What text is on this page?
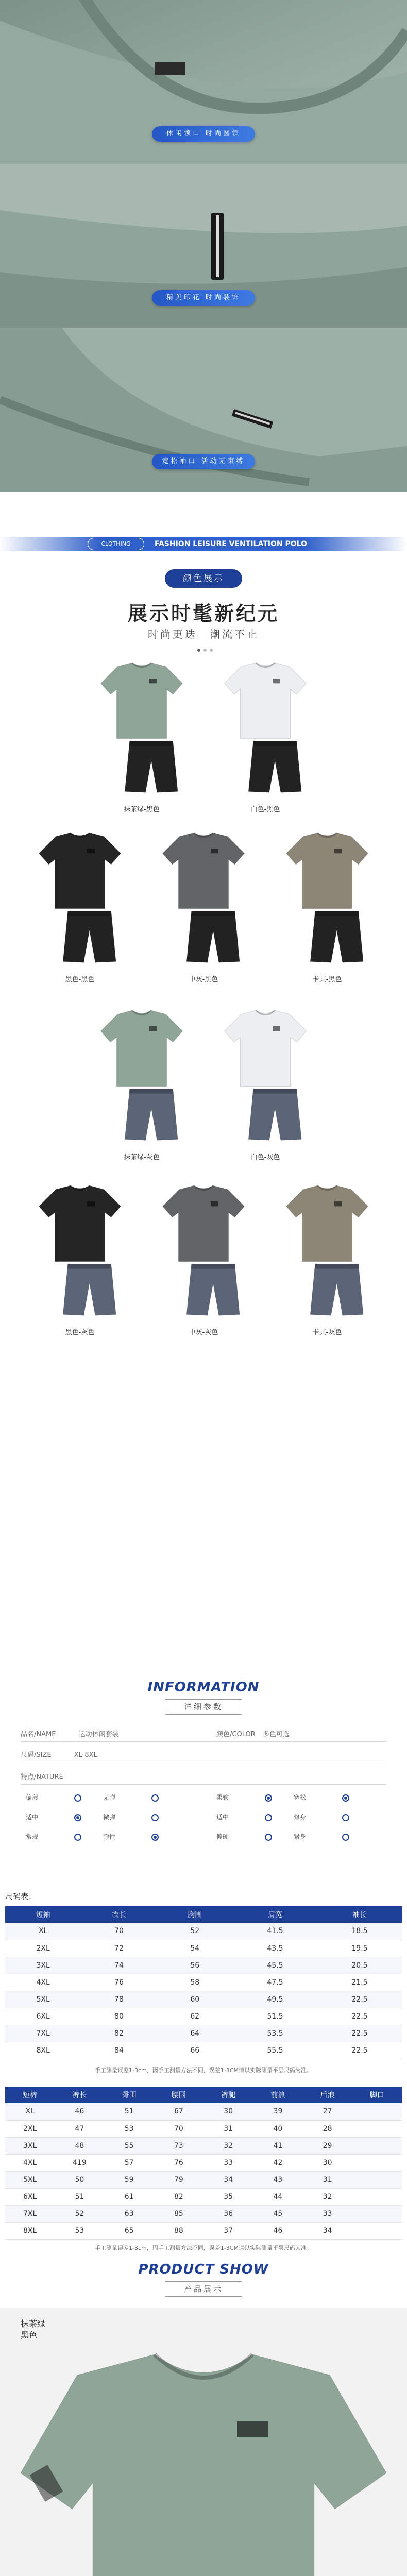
休闲领口 时尚圆领
精美印花 时尚装饰
宽松袖口 活动无束缚
CLOTHING	FASHION LEISURE VENTILATION POLO
颜色展示
展示时髦新纪元
时尚更迭　潮流不止
抹茶绿-黑色	白色-黑色
黑色-黑色	中灰-黑色	卡其-黑色
抹茶绿-灰色	白色-灰色
黑色-灰色	中灰-灰色	卡其-灰色
INFORMATION
详细参数
品名/NAME	运动休闲套装	颜色/COLOR 多色可选
尺码/SIZE	XL-8XL
特点/NATURE
偏薄
适中
常规
无弹
微弹
弹性
柔软
适中
偏硬
宽松
修身
紧身
尺码表：
短袖	衣长	胸围	肩宽	袖长
XL	70	52	41.5	18.5
2XL	72	54	43.5	19.5
3XL	74	56	45.5	20.5
4XL	76	58	47.5	21.5
5XL	78	60	49.5	22.5
6XL	80	62	51.5	22.5
7XL	82	64	53.5	22.5
8XL	84	66	55.5	22.5
手工测量误差1-3cm，因手工测量方法不同，误差1-3CM请以实际测量平层尺码为准。
短裤	裤长	臀围	腰围	裤腿	前浪	后浪	脚口
XL	46	51	67	30	39	27	
2XL	47	53	70	31	40	28	
3XL	48	55	73	32	41	29	
4XL	419	57	76	33	42	30	
5XL	50	59	79	34	43	31	
6XL	51	61	82	35	44	32	
7XL	52	63	85	36	45	33	
8XL	53	65	88	37	46	34	
手工测量误差1-3cm，因手工测量方法不同，误差1-3CM请以实际测量平层尺码为准。
PRODUCT SHOW
产品展示
抹茶绿
黑色
